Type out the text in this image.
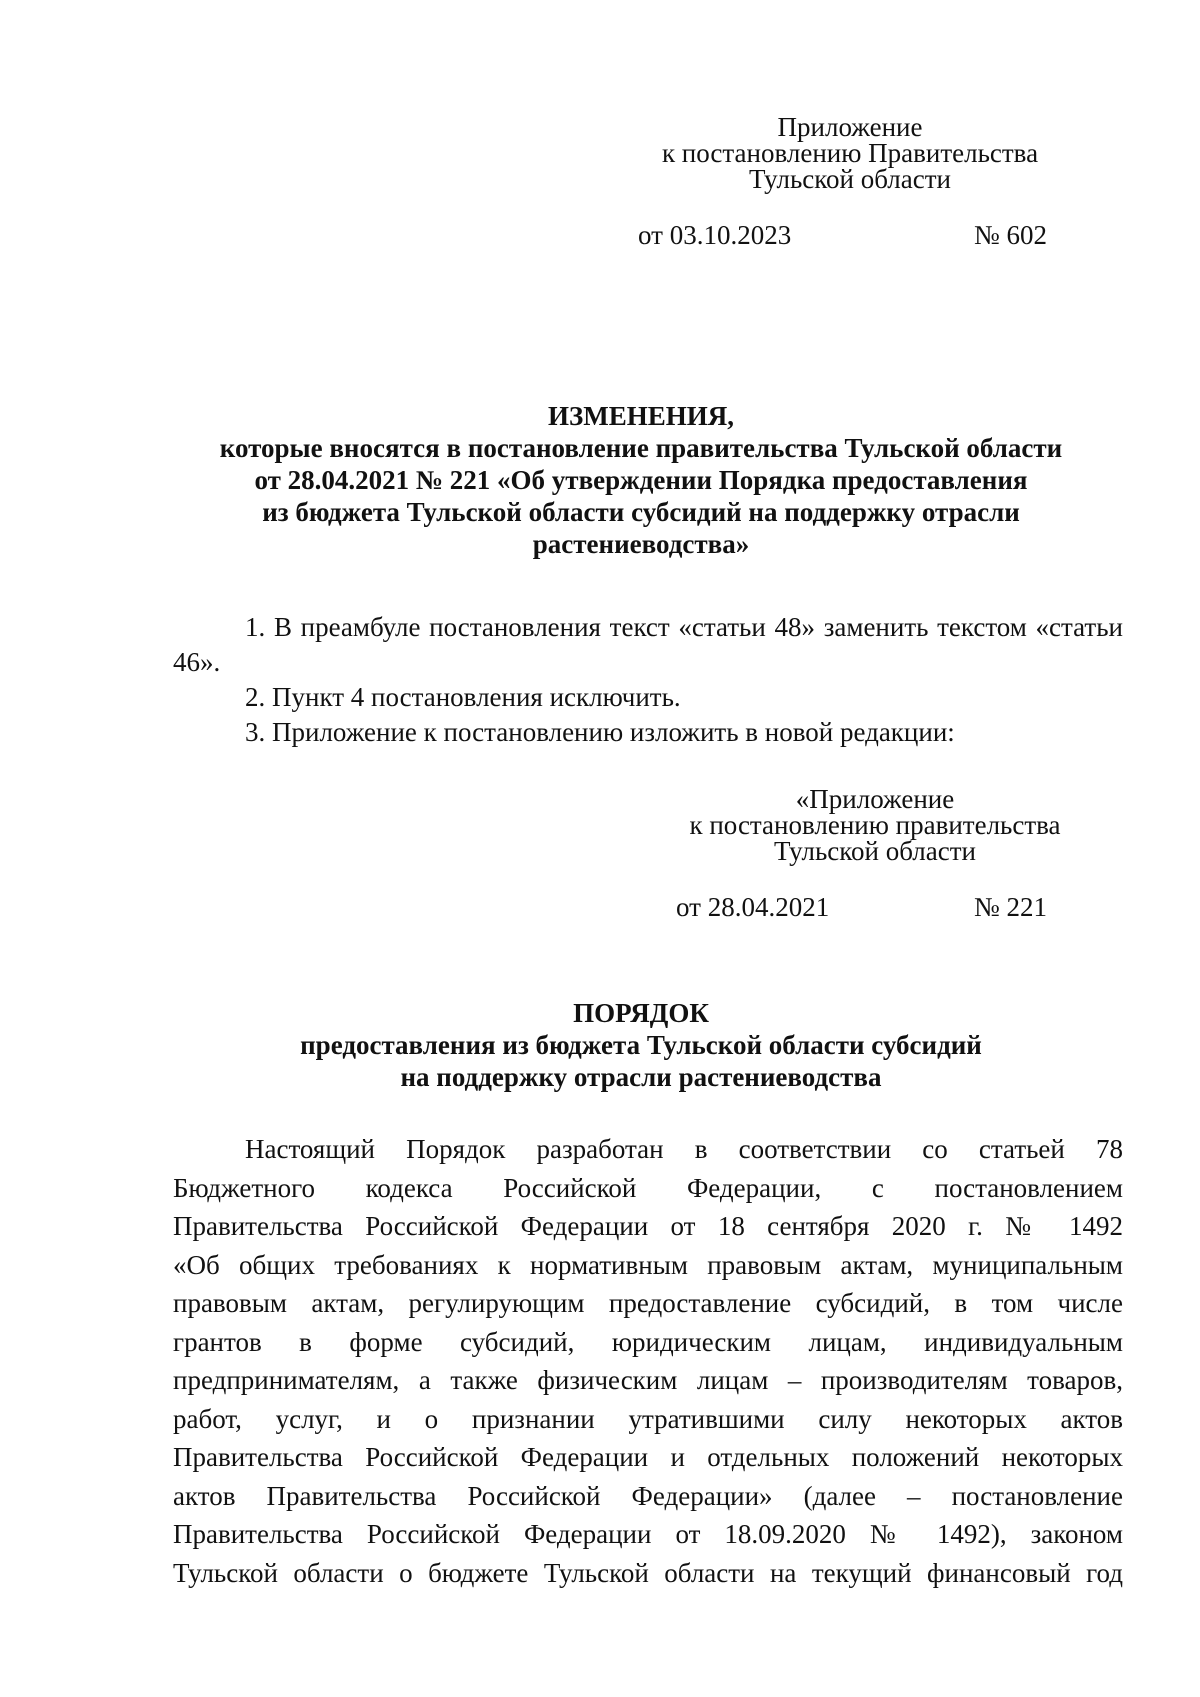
Приложение
к постановлению Правительства
Тульской области
от 03.10.2023	№ 602
ИЗМЕНЕНИЯ,
которые вносятся в постановление правительства Тульской области
от 28.04.2021 № 221 «Об утверждении Порядка предоставления
из бюджета Тульской области субсидий на поддержку отрасли
растениеводства»

1. В преамбуле постановления текст «статьи 48» заменить текстом «статьи 46».

2. Пункт 4 постановления исключить.

3. Приложение к постановлению изложить в новой редакции:

«Приложение
к постановлению правительства
Тульской области
от 28.04.2021	№ 221
ПОРЯДОК
предоставления из бюджета Тульской области субсидий
на поддержку отрасли растениеводства
Настоящий Порядок разработан в соответствии со статьей 78
Бюджетного кодекса Российской Федерации, с постановлением
Правительства Российской Федерации от 18 сентября 2020 г. № 1492
«Об общих требованиях к нормативным правовым актам, муниципальным
правовым актам, регулирующим предоставление субсидий, в том числе
грантов в форме субсидий, юридическим лицам, индивидуальным
предпринимателям, а также физическим лицам – производителям товаров,
работ, услуг, и о признании утратившими силу некоторых актов
Правительства Российской Федерации и отдельных положений некоторых
актов Правительства Российской Федерации» (далее – постановление
Правительства Российской Федерации от 18.09.2020 № 1492), законом
Тульской области о бюджете Тульской области на текущий финансовый год
